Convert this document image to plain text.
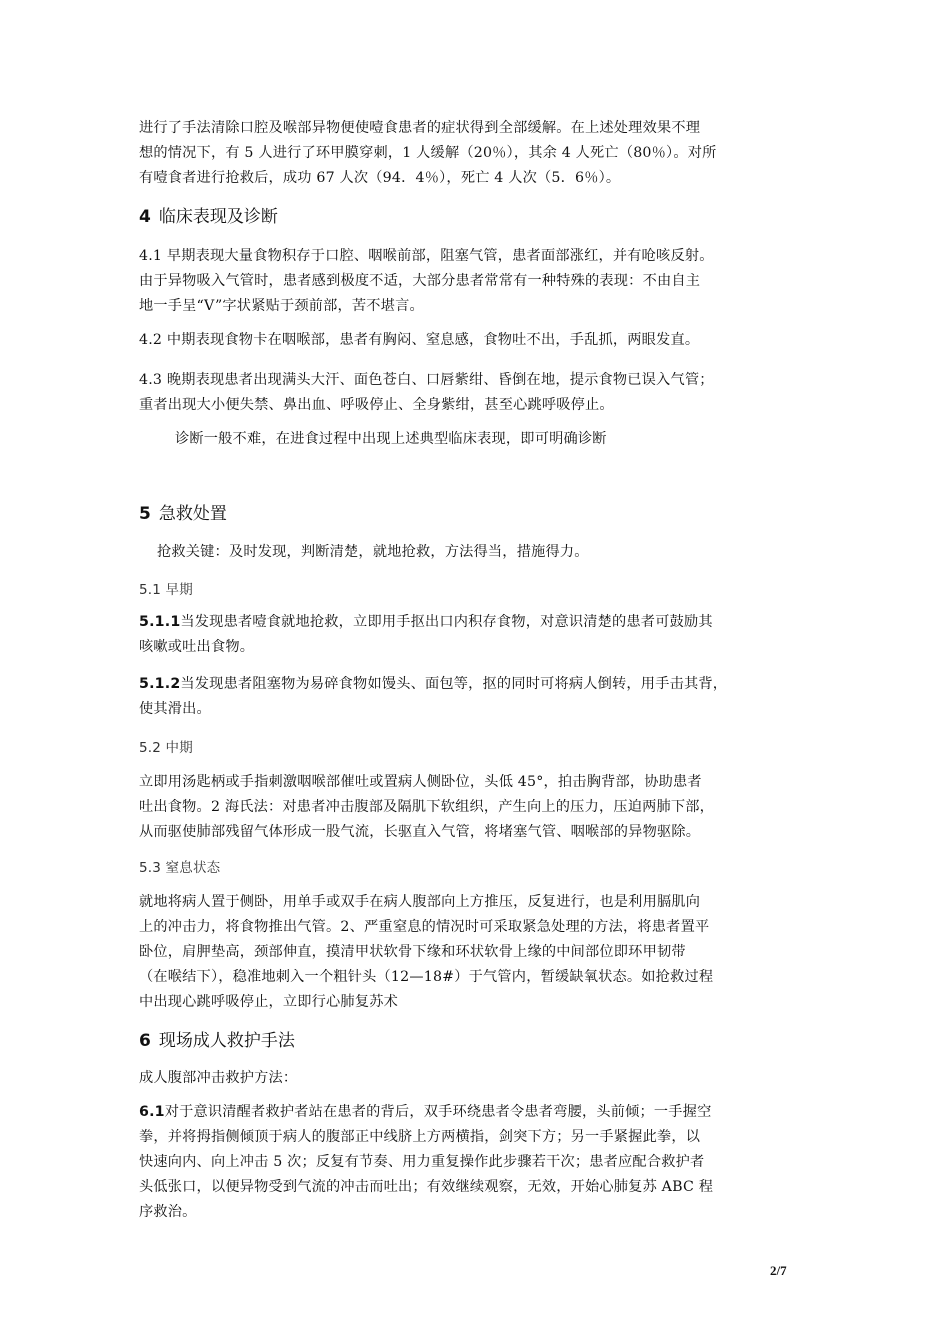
进行了手法清除口腔及喉部异物便使噎食患者的症状得到全部缓解。在上述处理效果不理
想的情况下，有 5 人进行了环甲膜穿刺，1 人缓解（20％），其余 4 人死亡（80％）。对所
有噎食者进行抢救后，成功 67 人次（94．4％），死亡 4 人次（5．6％）。
4 临床表现及诊断
4.1 早期表现大量食物积存于口腔、咽喉前部，阻塞气管，患者面部涨红，并有呛咳反射。
由于异物吸入气管时，患者感到极度不适，大部分患者常常有一种特殊的表现：不由自主
地一手呈“V”字状紧贴于颈前部，苦不堪言。
4.2 中期表现食物卡在咽喉部，患者有胸闷、窒息感，食物吐不出，手乱抓，两眼发直。
4.3 晚期表现患者出现满头大汗、面色苍白、口唇紫绀、昏倒在地，提示食物已误入气管；
重者出现大小便失禁、鼻出血、呼吸停止、全身紫绀，甚至心跳呼吸停止。
诊断一般不难，在进食过程中出现上述典型临床表现，即可明确诊断
5 急救处置
抢救关键：及时发现，判断清楚，就地抢救，方法得当，措施得力。
5.1 早期
5.1.1当发现患者噎食就地抢救，立即用手抠出口内积存食物，对意识清楚的患者可鼓励其
咳嗽或吐出食物。
5.1.2当发现患者阻塞物为易碎食物如馒头、面包等，抠的同时可将病人倒转，用手击其背，
使其滑出。
5.2 中期
立即用汤匙柄或手指刺激咽喉部催吐或置病人侧卧位，头低 45°，拍击胸背部，协助患者
吐出食物。2 海氏法：对患者冲击腹部及隔肌下软组织，产生向上的压力，压迫两肺下部，
从而驱使肺部残留气体形成一股气流，长驱直入气管，将堵塞气管、咽喉部的异物驱除。
5.3 窒息状态
就地将病人置于侧卧，用单手或双手在病人腹部向上方推压，反复进行，也是利用膈肌向
上的冲击力，将食物推出气管。2、严重窒息的情况时可采取紧急处理的方法，将患者置平
卧位，肩胛垫高，颈部伸直，摸清甲状软骨下缘和环状软骨上缘的中间部位即环甲韧带
（在喉结下），稳准地刺入一个粗针头（12—18#）于气管内，暂缓缺氧状态。如抢救过程
中出现心跳呼吸停止，立即行心肺复苏术
6 现场成人救护手法
成人腹部冲击救护方法：
6.1对于意识清醒者救护者站在患者的背后，双手环绕患者令患者弯腰，头前倾；一手握空
拳，并将拇指侧倾顶于病人的腹部正中线脐上方两横指，剑突下方；另一手紧握此拳，以
快速向内、向上冲击 5 次；反复有节奏、用力重复操作此步骤若干次；患者应配合救护者
头低张口，以便异物受到气流的冲击而吐出；有效继续观察，无效，开始心肺复苏 ABC 程
序救治。
2/7
